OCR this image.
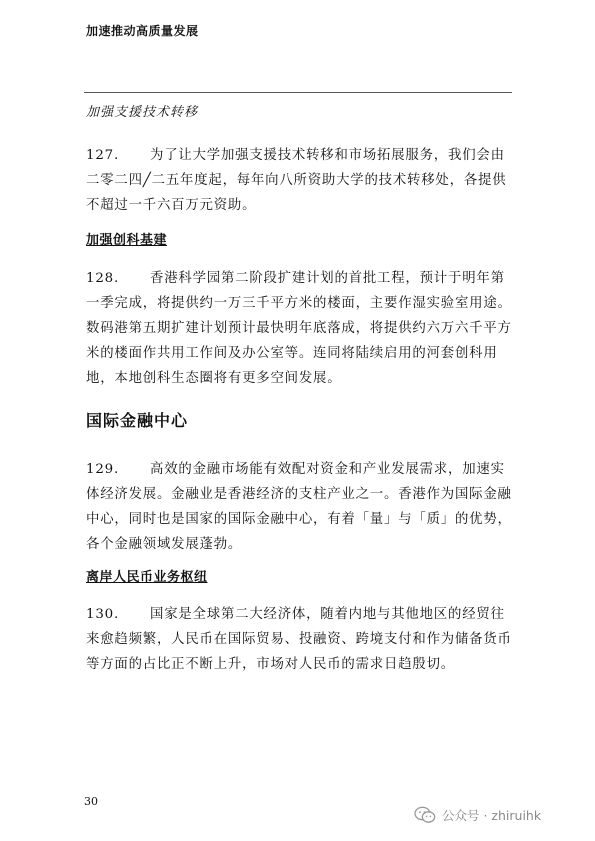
加速推动高质量发展
加强支援技术转移
127. 为了让大学加强支援技术转移和市场拓展服务，我们会由二零二四╱二五年度起，每年向八所资助大学的技术转移处，各提供不超过一千六百万元资助。
加强创科基建
128. 香港科学园第二阶段扩建计划的首批工程，预计于明年第一季完成，将提供约一万三千平方米的楼面，主要作湿实验室用途。数码港第五期扩建计划预计最快明年底落成，将提供约六万六千平方米的楼面作共用工作间及办公室等。连同将陆续启用的河套创科用地，本地创科生态圈将有更多空间发展。
国际金融中心
129. 高效的金融市场能有效配对资金和产业发展需求，加速实体经济发展。金融业是香港经济的支柱产业之一。香港作为国际金融中心，同时也是国家的国际金融中心，有着「量」与「质」的优势，各个金融领域发展蓬勃。
离岸人民币业务枢纽
130. 国家是全球第二大经济体，随着内地与其他地区的经贸往来愈趋频繁，人民币在国际贸易、投融资、跨境支付和作为储备货币等方面的占比正不断上升，市场对人民币的需求日趋殷切。
30
公众号 · zhiruihk
